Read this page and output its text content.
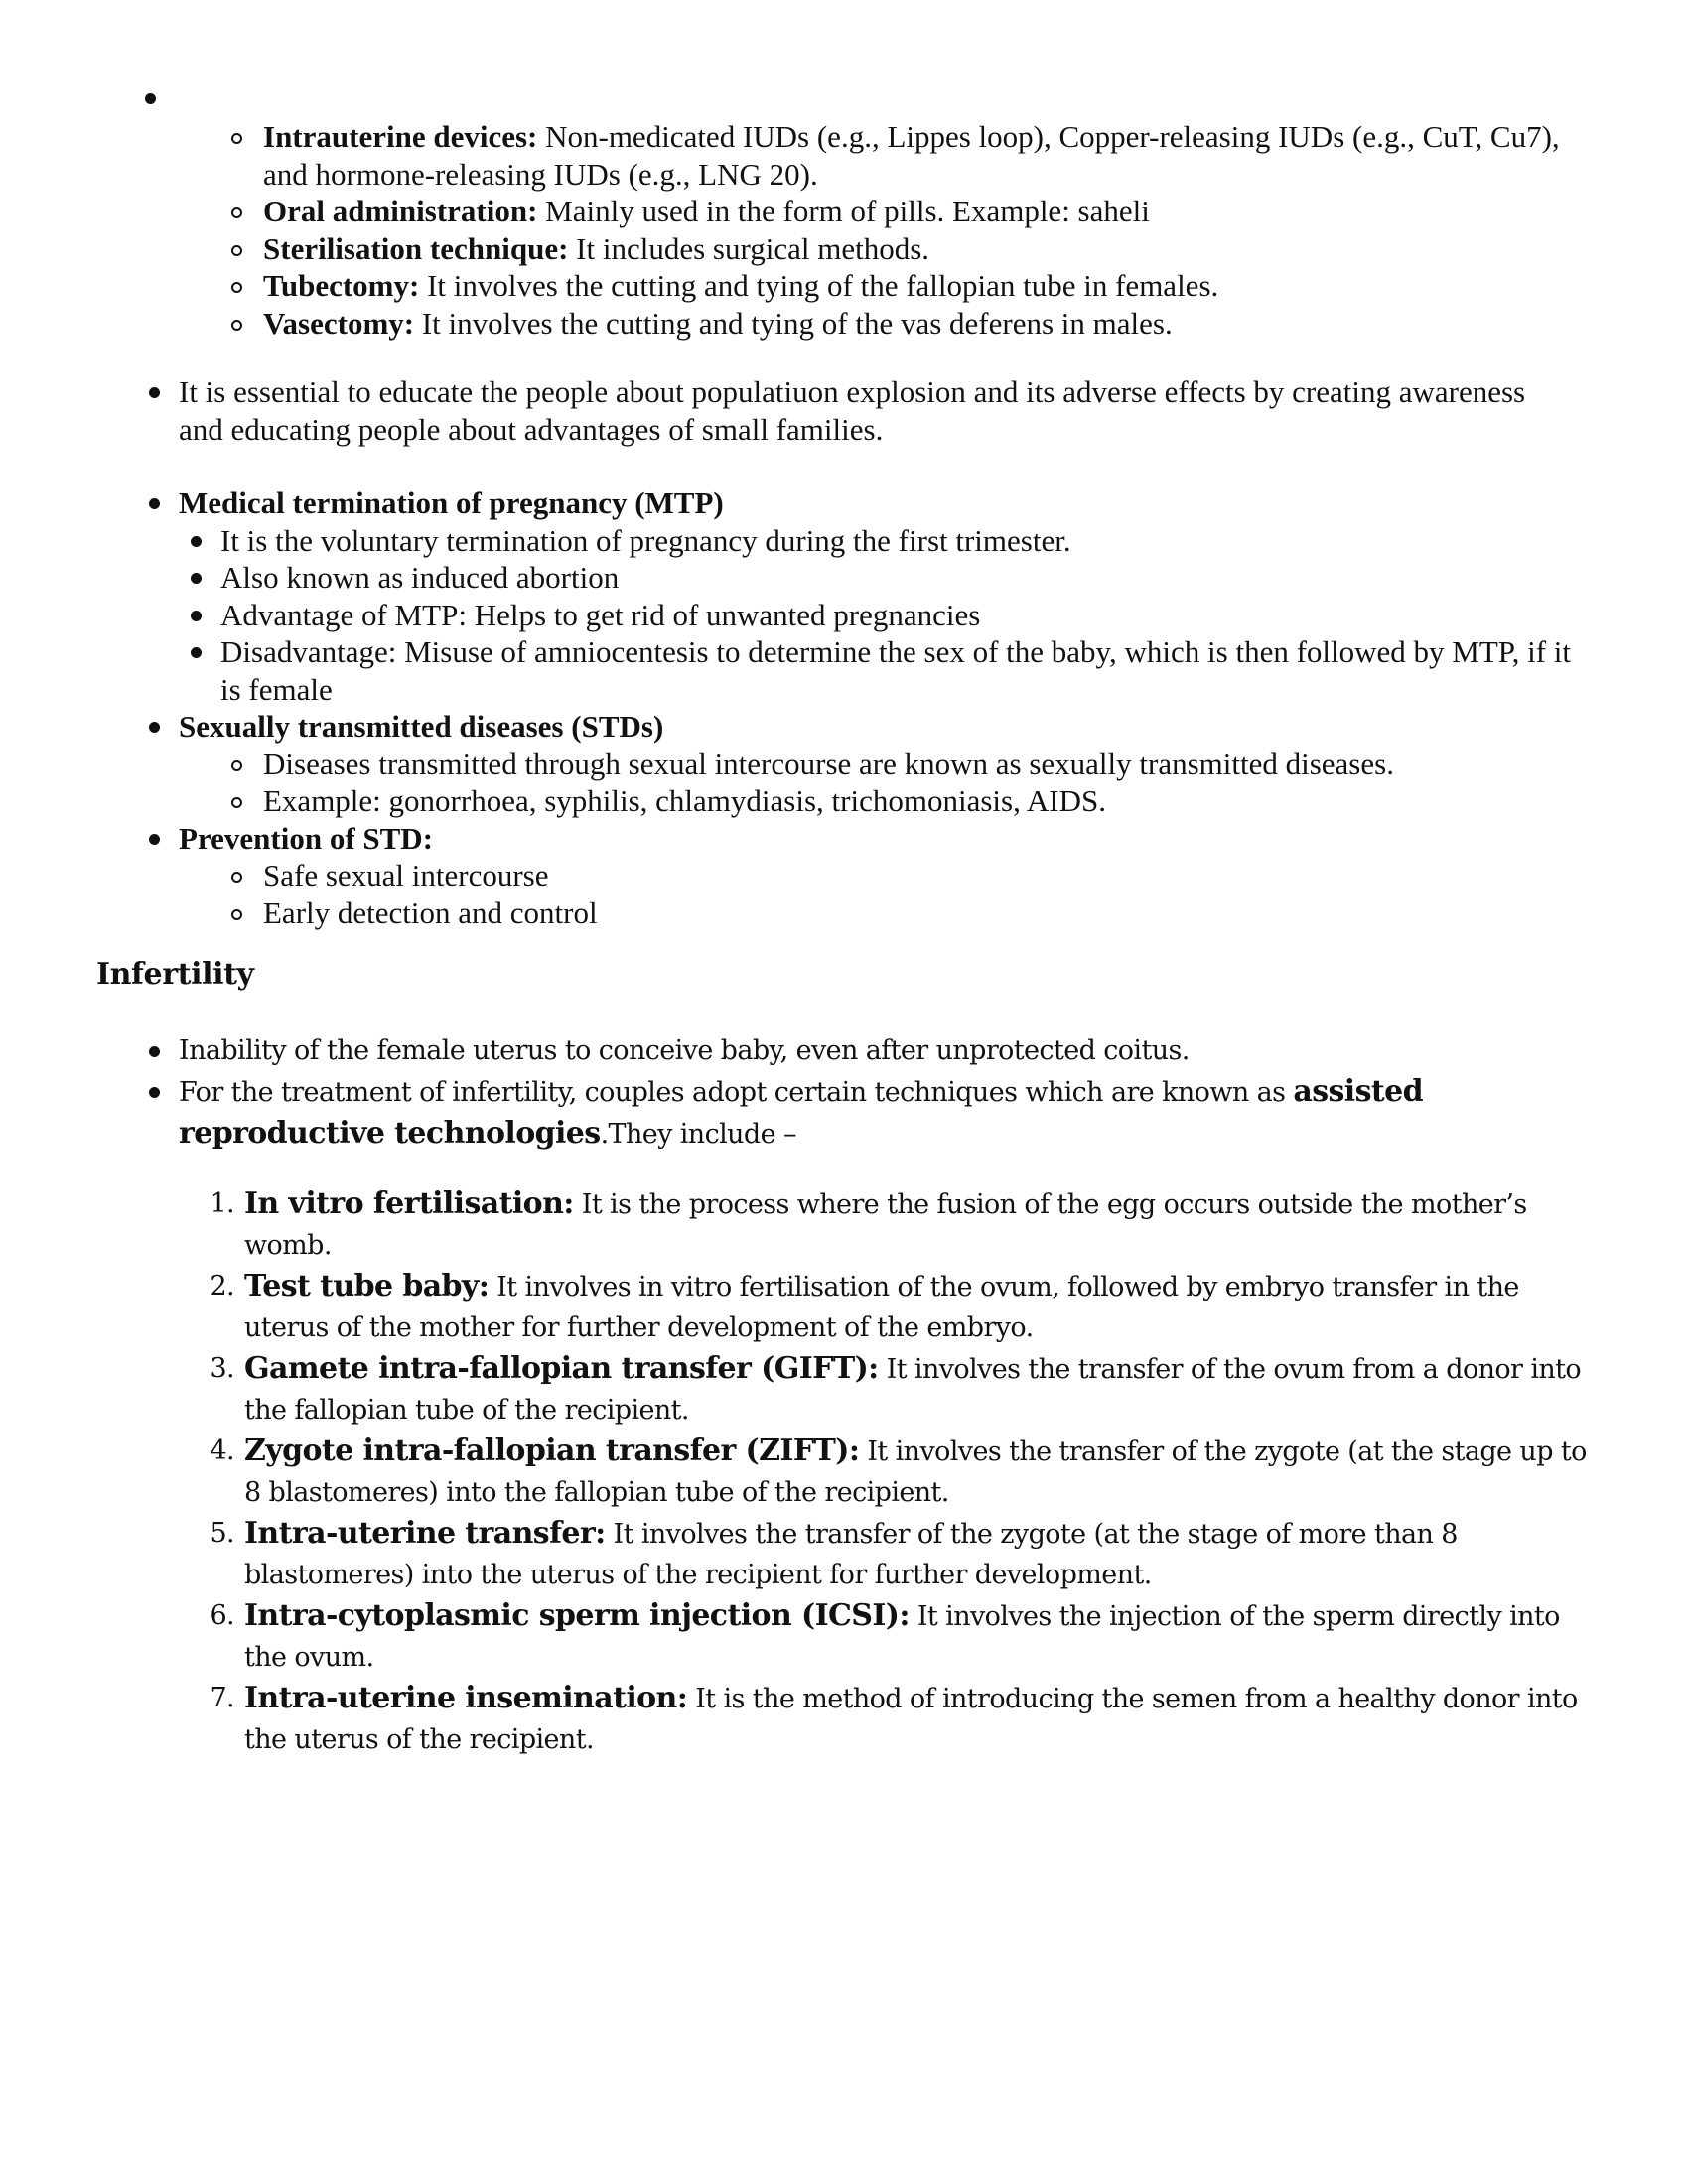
Intrauterine devices: Non-medicated IUDs (e.g., Lippes loop), Copper-releasing IUDs (e.g., CuT, Cu7), and hormone-releasing IUDs (e.g., LNG 20).
Oral administration: Mainly used in the form of pills. Example: saheli
Sterilisation technique: It includes surgical methods.
Tubectomy: It involves the cutting and tying of the fallopian tube in females.
Vasectomy: It involves the cutting and tying of the vas deferens in males.
It is essential to educate the people about populatiuon explosion and its adverse effects by creating awareness and educating people about advantages of small families.
Medical termination of pregnancy (MTP)
It is the voluntary termination of pregnancy during the first trimester.
Also known as induced abortion
Advantage of MTP: Helps to get rid of unwanted pregnancies
Disadvantage: Misuse of amniocentesis to determine the sex of the baby, which is then followed by MTP, if it is female
Sexually transmitted diseases (STDs)
Diseases transmitted through sexual intercourse are known as sexually transmitted diseases.
Example: gonorrhoea, syphilis, chlamydiasis, trichomoniasis, AIDS.
Prevention of STD:
Safe sexual intercourse
Early detection and control
Infertility
Inability of the female uterus to conceive baby, even after unprotected coitus.
For the treatment of infertility, couples adopt certain techniques which are known as assisted reproductive technologies.They include –
1. In vitro fertilisation: It is the process where the fusion of the egg occurs outside the mother’s womb.
2. Test tube baby: It involves in vitro fertilisation of the ovum, followed by embryo transfer in the uterus of the mother for further development of the embryo.
3. Gamete intra-fallopian transfer (GIFT): It involves the transfer of the ovum from a donor into the fallopian tube of the recipient.
4. Zygote intra-fallopian transfer (ZIFT): It involves the transfer of the zygote (at the stage up to 8 blastomeres) into the fallopian tube of the recipient.
5. Intra-uterine transfer: It involves the transfer of the zygote (at the stage of more than 8 blastomeres) into the uterus of the recipient for further development.
6. Intra-cytoplasmic sperm injection (ICSI): It involves the injection of the sperm directly into the ovum.
7. Intra-uterine insemination: It is the method of introducing the semen from a healthy donor into the uterus of the recipient.
